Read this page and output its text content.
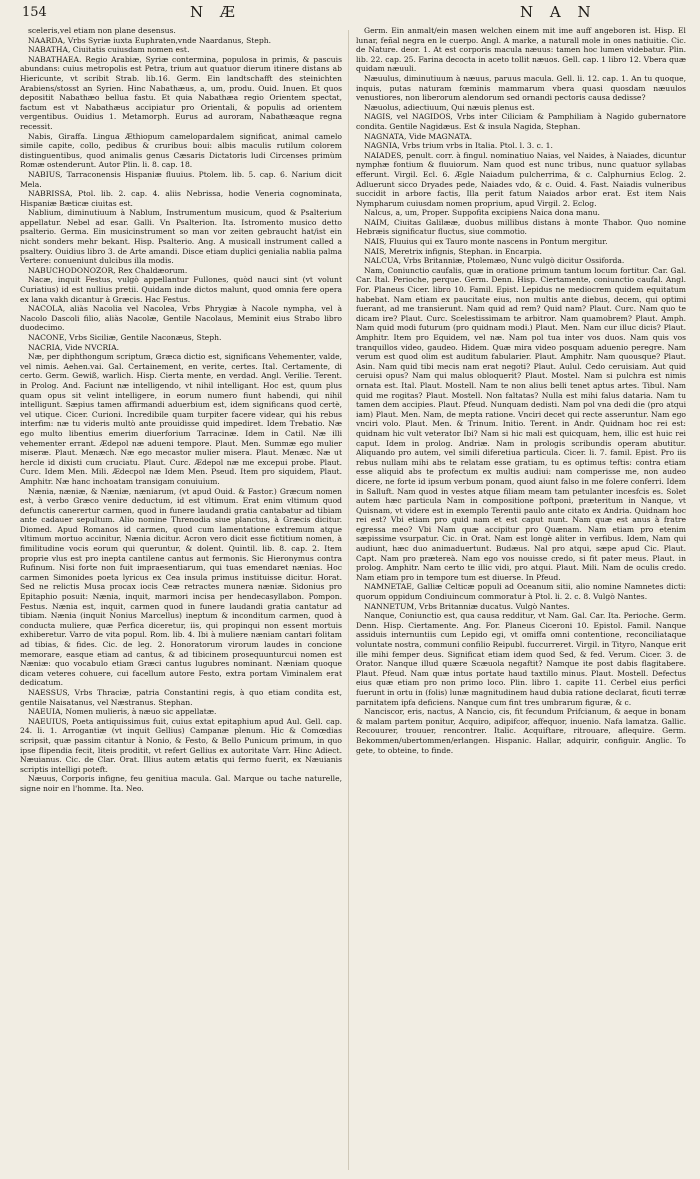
154	N Æ	N A N

sceleris,vel etiam non plane desensus.

NAARDA, Vrbs Syriæ iuxta Euphraten,vnde Naardanus, Steph.

NABATHA, Ciuitatis cuiusdam nomen est.

NABATHAEA. Regio Arabiæ, Syriæ contermina, populosa in primis, & pascuis abundans: cuius metropolis est Petra, trium aut quatuor dierum itinere distans ab Hiericunte, vt scribit Strab. lib.16. Germ. Ein landtschafft des steinichten Arabiens/stosst an Syrien. Hinc Nabathæus, a, um, produ. Ouid. Inuen. Et quos depositit Nabathæo bellua fastu. Et quia Nabathæa regio Orientem spectat, factum est vt Nabathæus accipiatur pro Orientali, & populis ad orientem vergentibus. Ouidius 1. Metamorph. Eurus ad auroram, Nabathæaque regna recessit.

Nabis, Giraffa. Lingua Æthiopum camelopardalem significat, animal camelo simile capite, collo, pedibus & cruribus boui: albis maculis rutilum colorem distinguentibus, quod animalis genus Cæsaris Dictatoris ludi Circenses primùm Romæ ostenderunt. Autor Plin. li. 8. cap. 18.

NABIUS, Tarraconensis Hispaniæ fluuius. Ptolem. lib. 5. cap. 6. Narium dicit Mela.

NABRISSA, Ptol. lib. 2. cap. 4. aliis Nebrissa, hodie Veneria cognominata, Hispaniæ Bæticæ ciuitas est.

Nablium, diminutiuum à Nablum, Instrumentum musicum, quod & Psalterium appellatur. Nebel ad esar. Galli. Vn Psalterion. Ita. Istromento musico detto psalterio. Germa. Ein musicinstrument so man vor zeiten gebraucht hat/ist ein nicht sonders mehr bekant. Hisp. Psalterio. Ang. A musicall instrument called a psaltery. Ouidius libro 3. de Arte amandi. Disce etiam duplici genialia nablia palma Vertere: conueniunt dulcibus illa modis.

NABUCHODONOZOR, Rex Chaldæorum.

Nacæ, inquit Festus, vulgò appellantur Fullones, quòd nauci sint (vt volunt Curiatius) id est nullius pretii. Quidam inde dictos malunt, quod omnia fere opera ex lana vakh dicantur à Græcis. Hac Festus.

NACOLA, aliàs Nacolia vel Nacolea, Vrbs Phrygiæ à Nacole nympha, vel à Nacolo Dascoli filio, aliàs Nacolæ, Gentile Nacolaus, Meminit eius Strabo libro duodecimo.

NACONE, Vrbs Siciliæ, Gentile Naconæus, Steph.

NACRIA, Vide NVCRIA.

Næ, per diphthongum scriptum, Græca dictio est, significans Vehementer, valde, vel nimis. Aehen.vai. Gal. Certainement, en verite, certes. Ital. Certamente, di certo. Germ. Gewiß, warlich. Hisp. Cierta mente, en verdad. Angl. Verilie. Terent. in Prolog. And. Faciunt næ intelligendo, vt nihil intelligant. Hoc est, quum plus quam opus sit velint intelligere, in eorum numero fiunt habendi, qui nihil intelligunt. Sæpius tamen affirmandi aduerbium est, idem significans quod certè, vel utique. Cicer. Curioni. Incredibile quam turpiter facere videar, qui his rebus interfim: næ tu videris multò ante prouidisse quid impediret. Idem Trebatio. Næ ego multo libentius emerim diuerforium Tarracinæ. Idem in Catil. Næ illi vehementer errant. Ædepol næ adueni tempore. Plaut. Men. Summæ ego mulier miseræ. Plaut. Menæch. Næ ego mecastor mulier misera. Plaut. Menæc. Næ ut hercle id dixisti cum cruciatu. Plaut. Curc. Ædepol næ me excepui probe. Plaut. Curc. Idem Men. Mili. Ædecpol næ Idem Men. Pseud. Item pro siquidem, Plaut. Amphitr. Næ hanc inchoatam transigam conuiuium.

Nænia, næniæ, & Næniæ, næniarum, (vt apud Ouid. & Fastor.) Græcum nomen est, à verbo Græco venire deductum, id est vltimum. Erat enim vltimum quod defunctis canerertur carmen, quod in funere laudandi gratia cantabatur ad tibiam ante cadauer sepultum. Alio nomine Threnodia siue planctus, à Græcis dicitur. Diomed. Apud Romanos id carmen, quod cum lamentatione extremum atque vltimum mortuo accinitur, Nænia dicitur. Acron vero dicit esse fictitium nomen, à fimilitudine vocis eorum qui queruntur, & dolent. Quintil. lib. 8. cap. 2. Item proprie vlus est pro inepta cantilene cantus aut fermonis. Sic Hieronymus contra Rufinum. Nisi forte non fuit impraesentiarum, qui tuas emendaret nænias. Hoc carmen Simonides poeta lyricus ex Cea insula primus instituisse dicitur. Horat. Sed ne relictis Musa procax iocis Ceæ retractes munera næniæ. Sidonius pro Epitaphio posuit: Nænia, inquit, marmori incisa per hendecasyllabon. Pompon. Festus. Nænia est, inquit, carmen quod in funere laudandi gratia cantatur ad tibiam. Nænia (inquit Nonius Marcellus) ineptum & inconditum carmen, quod à conducta muliere, quæ Perfica diceretur, iis, qui propinqui non essent mortuis exhiberetur. Varro de vita popul. Rom. lib. 4. Ibi à muliere næniam cantari folitam ad tibias, & fides. Cic. de leg. 2. Honoratorum virorum laudes in concione memorare, easque etiam ad cantus, & ad tibicinem prosequunturcui nomen est Næniæ: quo vocabulo etiam Græci cantus lugubres nominant. Næniam quoque dicam veteres cohuere, cui facellum autore Festo, extra portam Viminalem erat dedicatum.

NAESSUS, Vrbs Thraciæ, patria Constantini regis, à quo etiam condita est, gentile Naisatanus, vel Næstranus. Stephan.

NAEUIA, Nomen mulieris, à næuo sic appellatæ.

NAEUIUS, Poeta antiquissimus fuit, cuius extat epitaphium apud Aul. Gell. cap. 24. li. 1. Arrogantiæ (vt inquit Gellius) Campanæ plenum. Hic & Comœdias scripsit, quæ passim citantur à Nonio, & Festo, & Bello Punicum primum, in quo ipse flipendia fecit, liteis proditit, vt refert Gellius ex autoritate Varr. Hinc Adiect. Næuianus. Cic. de Clar. Orat. Illius autem ætatis qui fermo fuerit, ex Næuianis scriptis intelligi poteft.

Næuus, Corporis infigne, feu genitiua macula. Gal. Marque ou tache naturelle, signe noir en l'homme. Ita. Neo.

Germ. Ein anmalt/ein masen welchen einem mit ime auff angeboren ist. Hisp. El lunar, feñal negra en le cuerpo. Angl. A marke, a naturall mole in ones natiuitie. Cic. de Nature. deor. 1. At est corporis macula næuus: tamen hoc lumen videbatur. Plin. lib. 22. cap. 25. Farina decocta in aceto tollit næuos. Gell. cap. 1 libro 12. Vbera quæ quidam næuuli.

Næuulus, diminutiuum à næuus, paruus macula. Gell. li. 12. cap. 1. An tu quoque, inquis, putas naturam fœminis mammarum vbera quasi quosdam næuulos venustiores, non liberorum alendorum sed ornandi pectoris causa dedisse?

Næuolus, adiectiuum, Qui næuis plenus est.

NAGIS, vel NAGIDOS, Vrbs inter Ciliciam & Pamphiliam à Nagido gubernatore condita. Gentile Nagidæus. Est & insula Nagida, Stephan.

NAGNATA, Vide MAGNATA.

NAGNIA, Vrbs trium vrbs in Italia. Ptol. l. 3. c. 1.

NAIADES, penult. corr. à fingul. nominatiuo Naias, vel Naides, à Naiades, dicuntur nymphæ fontium & fluuiorum. Nam quod est nunc tribus, nunc quatuor syllabas efferunt. Virgil. Ecl. 6. Ægle Naiadum pulcherrima, & c. Calphurnius Eclog. 2. Adluerunt sicco Dryades pede, Naiades vdo, & c. Ouid. 4. Fast. Naiadis vulneribus succidit in arbore factis, Illa perit fatum Naiados arbor erat. Est item Nais Nympharum cuiusdam nomen proprium, apud Virgil. 2. Eclog.

Nalcus, a, um, Proper. Suppofita excipiens Naica dona manu.

NAIM, Ciuitas Galilææ, duobus millibus distans à monte Thabor. Quo nomine Hebræis significatur fluctus, siue commotio.

NAIS, Fluuius qui ex Tauro monte nascens in Pontum mergitur.

NAIS, Meretrix infignis, Stephan. in Encarpia.

NALCUA, Vrbs Britanniæ, Ptolemæo, Nunc vulgò dicitur Ossiforda.

Nam, Coniunctio caufalis, quæ in oratione primum tantum locum fortitur. Car. Gal. Car. Ital. Perioche, perque. Germ. Denn. Hisp. Ciertamente, coniunctio caufal. Angl. For. Planeus Cicer. libro 10. Famil. Epist. Lepidus ne mediocrem quidem equitatum habebat. Nam etiam ex paucitate eius, non multis ante diebus, decem, qui optimi fuerant, ad me transierunt. Nam quid ad rem? Quid nam? Plaut. Curc. Nam quo te dicam ire? Plaut. Curc. Scelestissimam te arbitror. Nam quamobrem? Plaut. Amph. Nam quid modi futurum (pro quidnam modi.) Plaut. Men. Nam cur illuc dicis? Plaut. Amphitr. Item pro Equidem, vel næ. Nam pol tua inter vos duos. Nam quis vos tranquillos video, gaudeo. Hidem. Quæ mira video posquam aduenio peregre. Nam verum est quod olim est auditum fabularier. Plaut. Amphitr. Nam quousque? Plaut. Asin. Nam quid tibi mecis nam erat negoti? Plaut. Aulul. Cedo ceruisiam. Aut quid ceruisi opus? Nam qui malus obloquerit? Plaut. Mostel. Nam si pulchra est nimis ornata est. Ital. Plaut. Mostell. Nam te non alius belli tenet aptus artes. Tibul. Nam quid me rogitas? Plaut. Mostell. Non faltatas? Nulla est mihi falus dataria. Nam tu tamen dem accipies. Plaut. Pfeud. Nunquam dedisti. Nam pol vna dedi die (pro atqui iam) Plaut. Men. Nam, de mepta ratione. Vnciri decet qui recte asseruntur. Nam ego vnciri volo. Plaut. Men. & Trinum. Initio. Terent. in Andr. Quidnam hoc rei est: quidnam hic vult veterator Ibi? Nam si hic mali est quicquam, hem, illic est huic rei caput. Idem in prolog. Andriæ. Nam in prologis scribundis operam abutitur. Aliquando pro autem, vel simili diferetiua particula. Cicer. li. 7. famil. Epist. Pro iis rebus nullam mihi abs te relatam esse gratiam, tu es optimus teftis: contra etiam esse aliquid abs te profectum ex multis audiui: nam comperisse me, non audeo dicere, ne forte id ipsum verbum ponam, quod aiunt falso in me folere conferri. Idem in Salluft. Nam quod in vestes atque filiam meam tam petulanter incesfcis es. Solet autem hæc particula Nam in compositione poftponi, præteritum in Nanque, vt Quisnam, vt videre est in exemplo Terentii paulo ante citato ex Andria. Quidnam hoc rei est? Vbi etiam pro quid nam et est caput nunt. Nam quæ est anus à fratre egressa meo? Vbi Nam quæ accipitur pro Quænam. Nam etiam pro etenim sæpissime vsurpatur. Cic. in Orat. Nam est longè aliter in verfibus. Idem, Nam qui audiunt, hæc duo animaduertunt. Budæus. Nal pro atqui, sæpe apud Cic. Plaut. Capt. Nam pro prætereà. Nam ego vos nouisse credo, si fit pater meus. Plaut. in prolog. Amphitr. Nam certo te illic vidi, pro atqui. Plaut. Mili. Nam de oculis credo. Nam etiam pro in tempore tum est diuerse. In Pfeud.

NAMNETAE, Galliæ Celticæ populi ad Oceanum sitii, alio nomine Namnetes dicti: quorum oppidum Condiuincum commoratur à Ptol. li. 2. c. 8. Vulgò Nantes.

NANNETUM, Vrbs Britanniæ ducatus. Vulgò Nantes.

Nanque, Coniunctio est, qua causa redditur, vt Nam. Gal. Car. Ita. Perioche. Germ. Denn. Hisp. Ciertamente. Ang. For. Planeus Ciceroni 10. Epistol. Famil. Nanque assiduis internuntiis cum Lepido egi, vt omiffa omni contentione, reconciliataque voluntate nostra, communi confilio Reipubl. fuccurreret. Virgil. in Tityro, Nanque erit ille mihi femper deus. Significat etiam idem quod Sed, & fed. Verum. Cicer. 3. de Orator. Nanque illud quære Scæuola negaftit? Namque ite post dabis flagitabere. Plaut. Pfeud. Nam quæ intus portate haud taxtillo minus. Plaut. Mostell. Defectus eius quæ etiam pro non primo loco. Plin. libro 1. capite 11. Cerbel eius perfici fuerunt in ortu in (folis) lunæ magnitudinem haud dubia ratione declarat, ficuti terræ parnitatem ipfa deficiens. Nanque cum fint tres umbrarum figuræ, & c.

Nanciscor, eris, nactus, A Nancio, cis, fit fecundum Prifcianum, & aeque in bonam & malam partem ponitur, Acquiro, adipifcor, affequor, inuenio. Nafa lamatza. Gallic. Recouurer, trouuer, rencontrer. Italic. Acquiftare, ritrouare, aflequire. Germ. Bekommen/ubertommen/erlangen. Hispanic. Hallar, adquirir, configuir. Anglic. To gete, to obteine, to finde.
